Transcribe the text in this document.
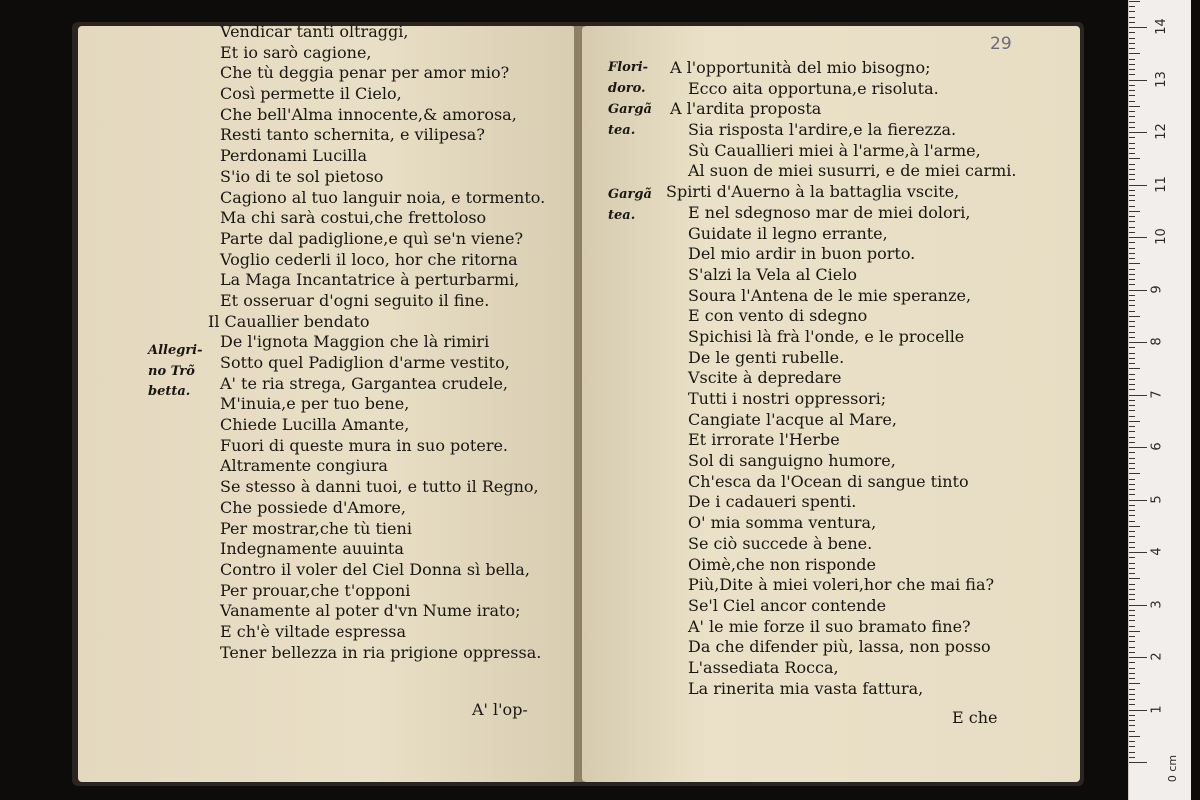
Vendicar tanti oltraggi,
Et io sarò cagione,
Che tù deggia penar per amor mio?
Così permette il Cielo,
Che bell'Alma innocente,& amorosa,
Resti tanto schernita, e vilipesa?
Perdonami Lucilla
S'io di te sol pietoso
Cagiono al tuo languir noia, e tormento.
Ma chi sarà costui,che frettoloso
Parte dal padiglione,e quì se'n viene?
Voglio cederli il loco, hor che ritorna
La Maga Incantatrice à perturbarmi,
Et osseruar d'ogni seguito il fine.
Il Cauallier bendato
De l'ignota Maggion che là rimiri
Sotto quel Padiglion d'arme vestito,
A' te ria strega, Gargantea crudele,
M'inuia,e per tuo bene,
Chiede Lucilla Amante,
Fuori di queste mura in suo potere.
Altramente congiura
Se stesso à danni tuoi, e tutto il Regno,
Che possiede d'Amore,
Per mostrar,che tù tieni
Indegnamente auuinta
Contro il voler del Ciel Donna sì bella,
Per prouar,che t'opponi
Vanamente al poter d'vn Nume irato;
E ch'è viltade espressa
Tener bellezza in ria prigione oppressa.
Allegri-
no Trõ
betta.
A' l'op-
29
A l'opportunità del mio bisogno;
Ecco aita opportuna,e risoluta.
A l'ardita proposta
Sia risposta l'ardire,e la fierezza.
Sù Cauallieri miei à l'arme,à l'arme,
Al suon de miei susurri, e de miei carmi.
Spirti d'Auerno à la battaglia vscite,
E nel sdegnoso mar de miei dolori,
Guidate il legno errante,
Del mio ardir in buon porto.
S'alzi la Vela al Cielo
Soura l'Antena de le mie speranze,
E con vento di sdegno
Spichisi là frà l'onde, e le procelle
De le genti rubelle.
Vscite à depredare
Tutti i nostri oppressori;
Cangiate l'acque al Mare,
Et irrorate l'Herbe
Sol di sanguigno humore,
Ch'esca da l'Ocean di sangue tinto
De i cadaueri spenti.
O' mia somma ventura,
Se ciò succede à bene.
Oimè,che non risponde
Più,Dite à miei voleri,hor che mai fia?
Se'l Ciel ancor contende
A' le mie forze il suo bramato fine?
Da che difender più, lassa, non posso
L'assediata Rocca,
La rinerita mia vasta fattura,
Flori-
doro.
Gargã
tea.
Gargã
tea.
E che
0 cm
14
13
12
11
10
9
8
7
6
5
4
3
2
1
